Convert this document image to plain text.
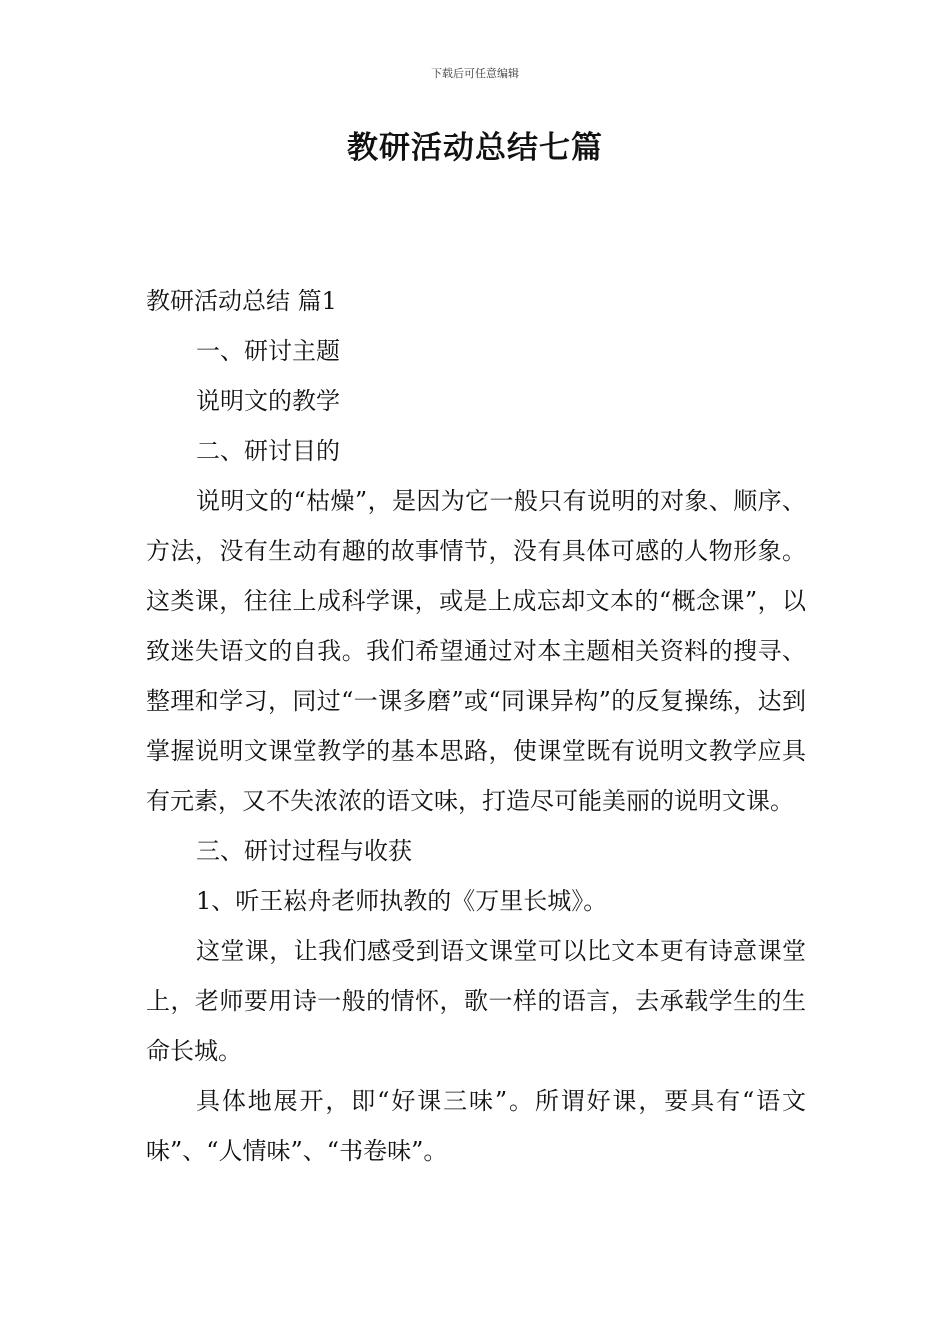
下载后可任意编辑
教研活动总结七篇

教研活动总结 篇1

一、研讨主题

说明文的教学

二、研讨目的

说明文的“枯燥”，是因为它一般只有说明的对象、顺序、方法，没有生动有趣的故事情节，没有具体可感的人物形象。这类课，往往上成科学课，或是上成忘却文本的“概念课”，以致迷失语文的自我。我们希望通过对本主题相关资料的搜寻、整理和学习，同过“一课多磨”或“同课异构”的反复操练，达到掌握说明文课堂教学的基本思路，使课堂既有说明文教学应具有元素，又不失浓浓的语文味，打造尽可能美丽的说明文课。

三、研讨过程与收获

1、听王崧舟老师执教的《万里长城》。

这堂课，让我们感受到语文课堂可以比文本更有诗意课堂上，老师要用诗一般的情怀，歌一样的语言，去承载学生的生命长城。

具体地展开，即“好课三味”。所谓好课，要具有“语文味”、“人情味”、“书卷味”。
